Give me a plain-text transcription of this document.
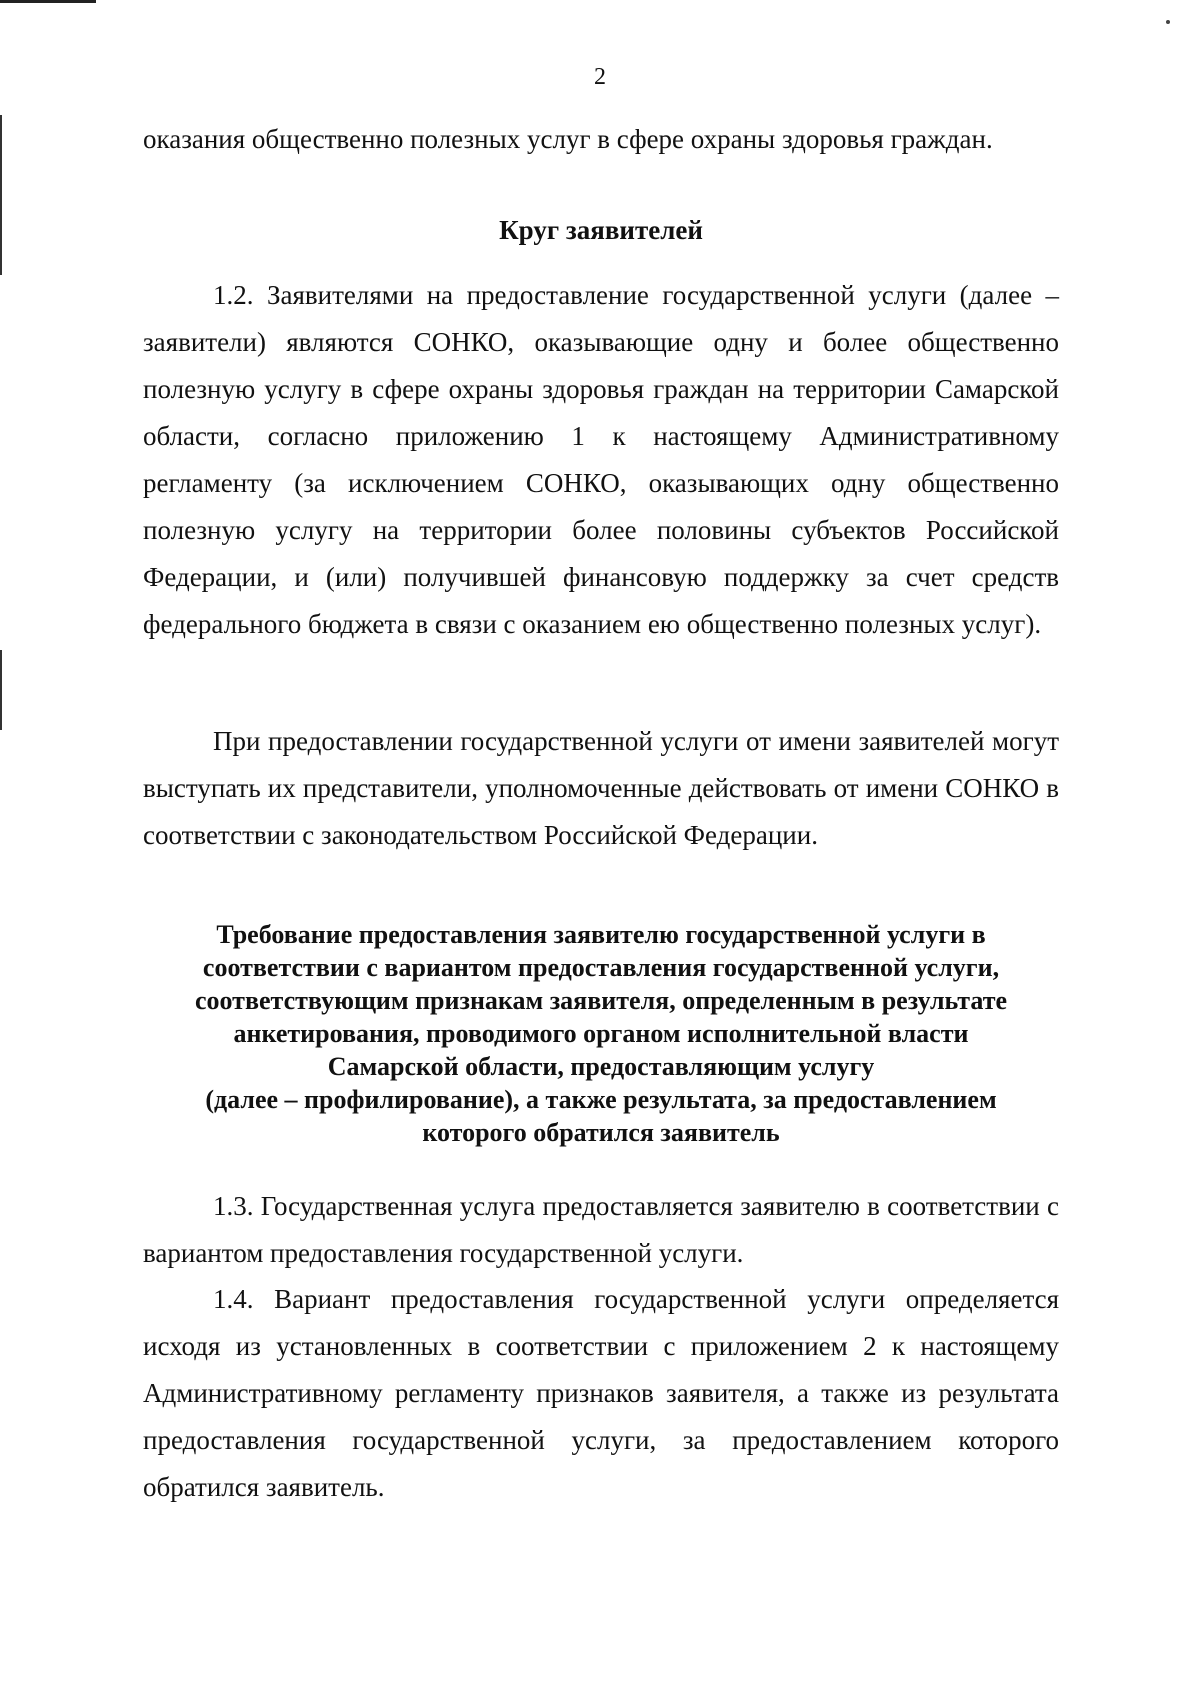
2
оказания общественно полезных услуг в сфере охраны здоровья граждан.
Круг заявителей
1.2. Заявителями на предоставление государственной услуги (далее – заявители) являются СОНКО, оказывающие одну и более общественно полезную услугу в сфере охраны здоровья граждан на территории Самарской области, согласно приложению 1 к настоящему Административному регламенту (за исключением СОНКО, оказывающих одну общественно полезную услугу на территории более половины субъектов Российской Федерации, и (или) получившей финансовую поддержку за счет средств федерального бюджета в связи с оказанием ею общественно полезных услуг).
При предоставлении государственной услуги от имени заявителей могут выступать их представители, уполномоченные действовать от имени СОНКО в соответствии с законодательством Российской Федерации.
Требование предоставления заявителю государственной услуги в
соответствии с вариантом предоставления государственной услуги,
соответствующим признакам заявителя, определенным в результате
анкетирования, проводимого органом исполнительной власти
Самарской области, предоставляющим услугу
(далее – профилирование), а также результата, за предоставлением
которого обратился заявитель
1.3. Государственная услуга предоставляется заявителю в соответствии с вариантом предоставления государственной услуги.
1.4. Вариант предоставления государственной услуги определяется исходя из установленных в соответствии с приложением 2 к настоящему Административному регламенту признаков заявителя, а также из результата предоставления государственной услуги, за предоставлением которого обратился заявитель.
